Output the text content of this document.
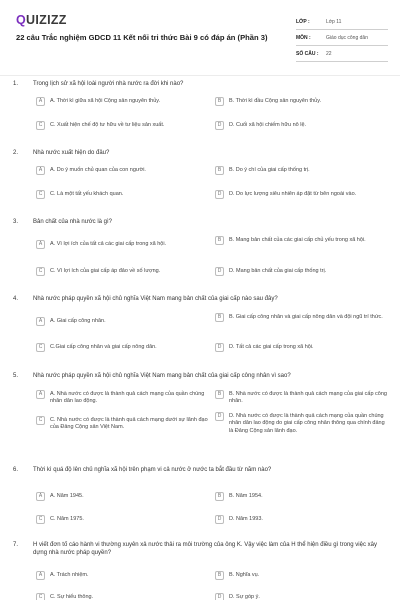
QUIZIZZ
22 câu Trắc nghiệm GDCD 11 Kết nối tri thức Bài 9 có đáp án (Phần 3)
LỚP :	Lớp 11
MÔN :	Giáo dục công dân
SỐ CÂU :	22
1. Trong lịch sử xã hội loài người nhà nước ra đời khi nào?
A	A. Thời kì giữa xã hội Cộng sản nguyên thủy.	B	B. Thời kì đầu Cộng sản nguyên thủy.
C	C. Xuất hiện chế độ tư hữu về tư liệu sản xuất.	D	D. Cuối xã hội chiếm hữu nô lệ.
2. Nhà nước xuất hiện do đâu?
A	A. Do ý muốn chủ quan của con người.	B	B. Do ý chí của giai cấp thống trị.
C	C. Là một tất yếu khách quan.	D	D. Do lực lượng siêu nhiên áp đặt từ bên ngoài vào.
3. Bản chất của nhà nước là gì?
A	A. Vì lợi ích của tất cả các giai cấp trong xã hội.
B	B. Mang bản chất của các giai cấp chủ yếu trong xã hội.
C	C. Vì lợi ích của giai cấp áp đảo về số lượng.	D	D. Mang bản chất của giai cấp thống trị.
4. Nhà nước pháp quyền xã hội chủ nghĩa Việt Nam mang bản chất của giai cấp nào sau đây?
A	A. Giai cấp công nhân.
B	B. Giai cấp công nhân và giai cấp nông dân và đội ngũ trí thức.
C	C.Giai cấp công nhân và giai cấp nông dân.	D	D. Tất cả các giai cấp trong xã hội.
5. Nhà nước pháp quyền xã hội chủ nghĩa Việt Nam mang bản chất của giai cấp công nhân vì sao?
A	A. Nhà nước có được là thành quả cách mạng của quần chúng nhân dân lao động.
B	B. Nhà nước có được là thành quả cách mạng của giai cấp công nhân.
C	C. Nhà nước có được là thành quả cách mạng dưới sự lãnh đạo của Đảng Cộng sản Việt Nam.
D	D. Nhà nước có được là thành quả cách mạng của quần chúng nhân dân lao động do giai cấp công nhân thông qua chính đảng là Đảng Cộng sản lãnh đạo.
6. Thời kì quá độ lên chủ nghĩa xã hội trên phạm vi cả nước ở nước ta bắt đầu từ năm nào?
A	A. Năm 1945.	B	B. Năm 1954.
C	C. Năm 1975.	D	D. Năm 1993.
7. H viết đơn tố cáo hành vi thường xuyên xả nước thải ra môi trường của ông K. Vậy việc làm của H thể hiện điều gì trong việc xây dựng nhà nước pháp quyền?
A	A. Trách nhiệm.	B	B. Nghĩa vụ.
C	C. Sự hiểu thông.	D	D. Sự góp ý.
